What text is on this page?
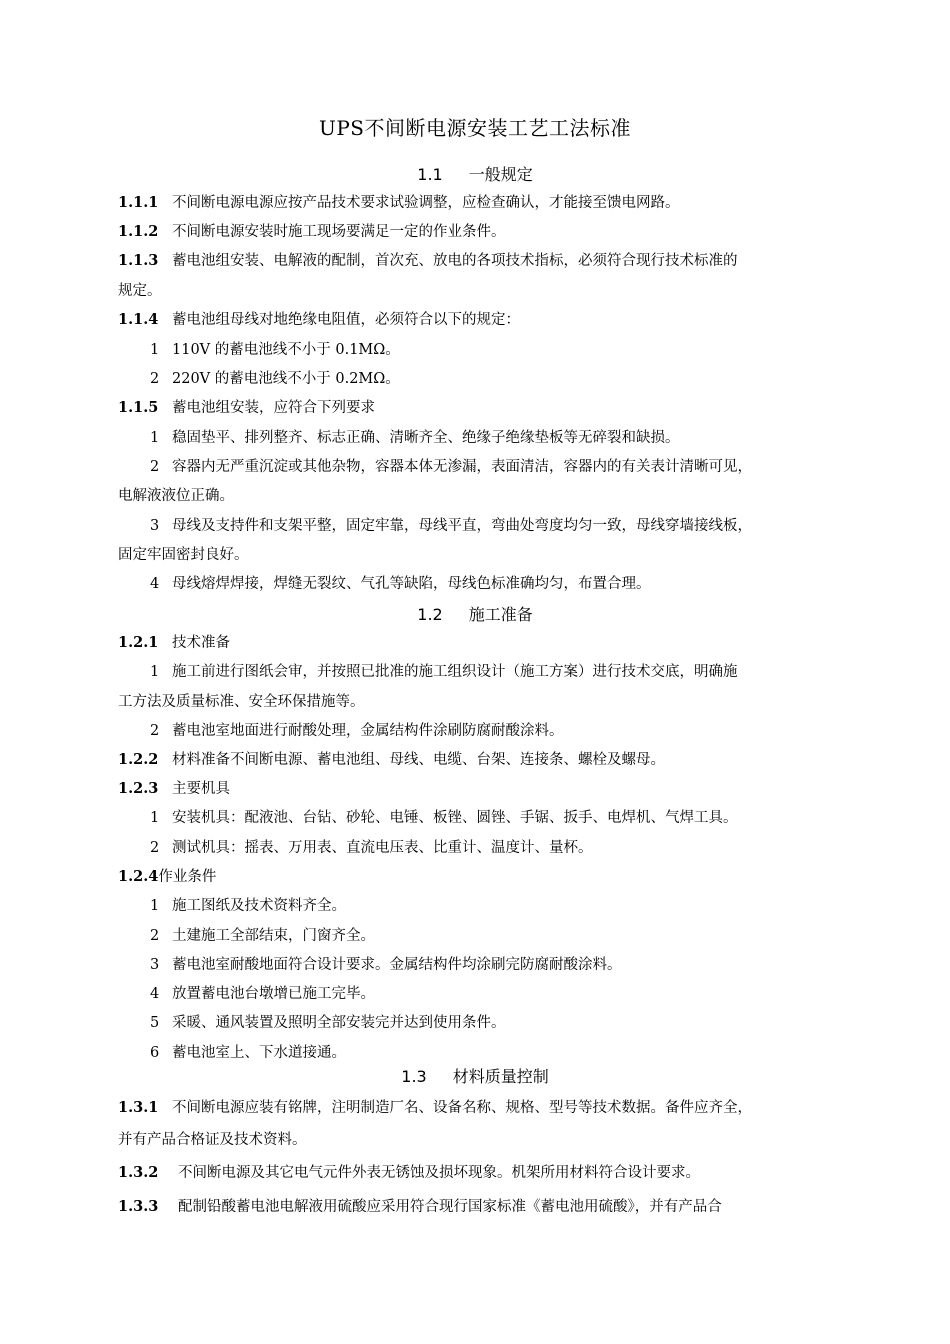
UPS不间断电源安装工艺工法标准
1.1 一般规定
1.1.1 不间断电源电源应按产品技术要求试验调整，应检查确认，才能接至馈电网路。
1.1.2 不间断电源安装时施工现场要满足一定的作业条件。
1.1.3 蓄电池组安装、电解液的配制，首次充、放电的各项技术指标，必须符合现行技术标准的
规定。
1.1.4 蓄电池组母线对地绝缘电阻值，必须符合以下的规定：
1 110V 的蓄电池线不小于 0.1MΩ。
2 220V 的蓄电池线不小于 0.2MΩ。
1.1.5 蓄电池组安装，应符合下列要求
1 稳固垫平、排列整齐、标志正确、清晰齐全、绝缘子绝缘垫板等无碎裂和缺损。
2 容器内无严重沉淀或其他杂物，容器本体无渗漏，表面清洁，容器内的有关表计清晰可见，
电解液液位正确。
3 母线及支持件和支架平整，固定牢靠，母线平直，弯曲处弯度均匀一致，母线穿墙接线板，
固定牢固密封良好。
4 母线熔焊焊接，焊缝无裂纹、气孔等缺陷，母线色标准确均匀，布置合理。
1.2 施工准备
1.2.1 技术准备
1 施工前进行图纸会审，并按照已批准的施工组织设计（施工方案）进行技术交底，明确施
工方法及质量标准、安全环保措施等。
2 蓄电池室地面进行耐酸处理，金属结构件涂刷防腐耐酸涂料。
1.2.2 材料准备不间断电源、蓄电池组、母线、电缆、台架、连接条、螺栓及螺母。
1.2.3 主要机具
1 安装机具：配液池、台钻、砂轮、电锤、板锉、圆锉、手锯、扳手、电焊机、气焊工具。
2 测试机具：摇表、万用表、直流电压表、比重计、温度计、量杯。
1.2.4作业条件
1 施工图纸及技术资料齐全。
2 土建施工全部结束，门窗齐全。
3 蓄电池室耐酸地面符合设计要求。金属结构件均涂刷完防腐耐酸涂料。
4 放置蓄电池台墩增已施工完毕。
5 采暖、通风装置及照明全部安装完并达到使用条件。
6 蓄电池室上、下水道接通。
1.3 材料质量控制
1.3.1 不间断电源应装有铭牌，注明制造厂名、设备名称、规格、型号等技术数据。备件应齐全，
并有产品合格证及技术资料。
1.3.2 不间断电源及其它电气元件外表无锈蚀及损坏现象。机架所用材料符合设计要求。
1.3.3 配制铅酸蓄电池电解液用硫酸应采用符合现行国家标准《蓄电池用硫酸》，并有产品合
